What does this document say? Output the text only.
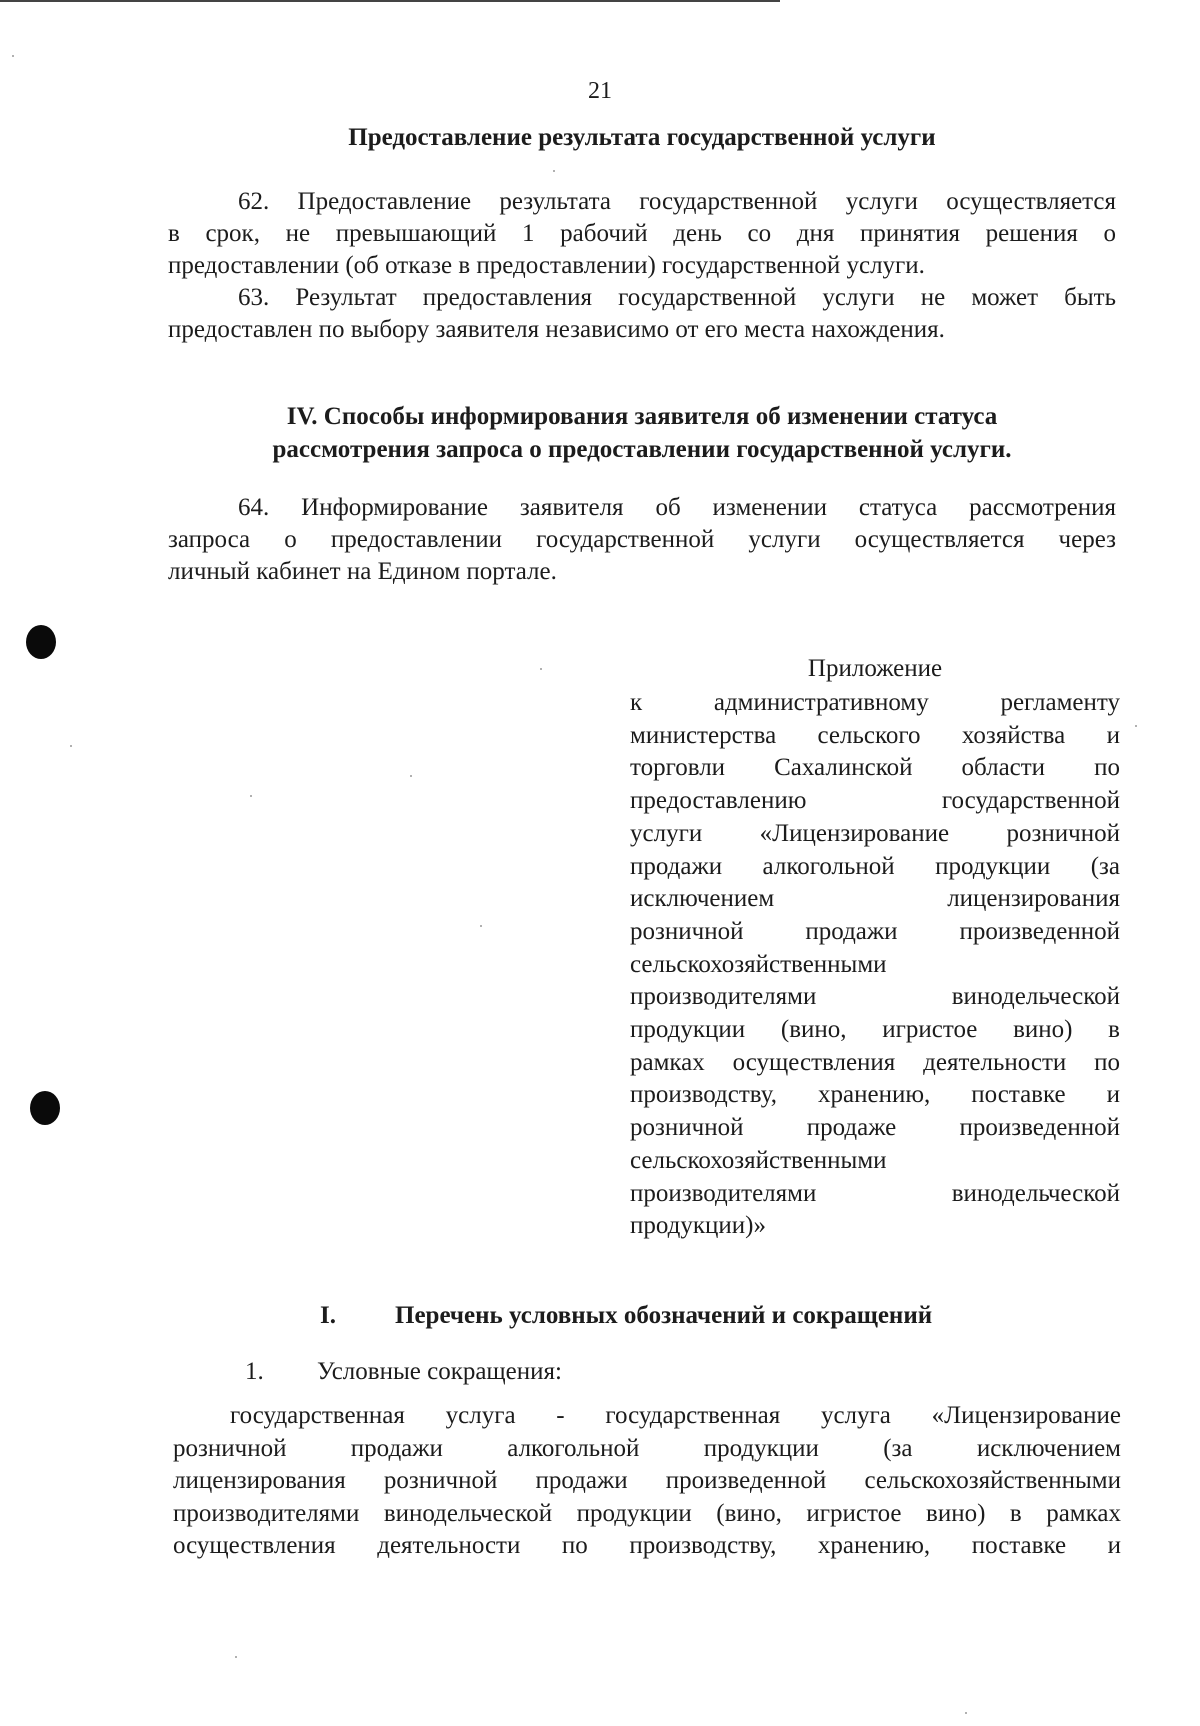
21
Предоставление результата государственной услуги
62. Предоставление результата государственной услуги осуществляется
в срок, не превышающий 1 рабочий день со дня принятия решения о
предоставлении (об отказе в предоставлении) государственной услуги.
63. Результат предоставления государственной услуги не может быть
предоставлен по выбору заявителя независимо от его места нахождения.
IV. Способы информирования заявителя об изменении статуса
рассмотрения запроса о предоставлении государственной услуги.
64. Информирование заявителя об изменении статуса рассмотрения
запроса о предоставлении государственной услуги осуществляется через
личный кабинет на Едином портале.
Приложение
к административному регламенту
министерства сельского хозяйства и
торговли Сахалинской области по
предоставлению государственной
услуги «Лицензирование розничной
продажи алкогольной продукции (за
исключением лицензирования
розничной продажи произведенной
сельскохозяйственными
производителями винодельческой
продукции (вино, игристое вино) в
рамках осуществления деятельности по
производству, хранению, поставке и
розничной продаже произведенной
сельскохозяйственными
производителями винодельческой
продукции)»
I. Перечень условных обозначений и сокращений
1. Условные сокращения:
государственная услуга - государственная услуга «Лицензирование
розничной продажи алкогольной продукции (за исключением
лицензирования розничной продажи произведенной сельскохозяйственными
производителями винодельческой продукции (вино, игристое вино) в рамках
осуществления деятельности по производству, хранению, поставке и
